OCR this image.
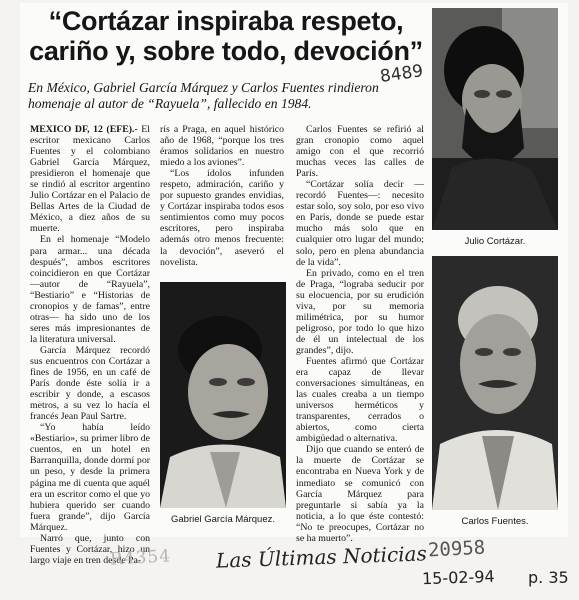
“Cortázar inspiraba respeto, cariño y, sobre todo, devoción”
En México, Gabriel García Márquez y Carlos Fuentes rindieron homenaje al autor de “Rayuela”, fallecido en 1984.
8489

MEXICO DF, 12 (EFE).- El escritor mexicano Carlos Fuentes y el colombiano Gabriel García Márquez, presidieron el homenaje que se rindió al escritor argentino Julio Cortázar en el Palacio de Bellas Artes de la Ciudad de México, a diez años de su muerte.

En el homenaje “Modelo para armar... una década después”, ambos escritores coincidieron en que Cortázar —autor de “Rayuela”, “Bestiario” e “Historias de cronopios y de famas”, entre otras— ha sido uno de los seres más impresionantes de la literatura universal.

García Márquez recordó sus encuentros con Cortázar a fines de 1956, en un café de París donde éste solía ir a escribir y donde, a escasos metros, a su vez lo hacía el francés Jean Paul Sartre.

“Yo había leído «Bestiario», su primer libro de cuentos, en un hotel en Barranquilla, donde dormí por un peso, y desde la primera página me di cuenta que aquél era un escritor como el que yo hubiera querido ser cuando fuera grande”, dijo García Márquez.

Narró que, junto con Fuentes y Cortázar, hizo un largo viaje en tren desde Pa-

rís a Praga, en aquel histórico año de 1968, “porque los tres éramos solidarios en nuestro miedo a los aviones”.

“Los ídolos infunden respeto, admiración, cariño y por supuesto grandes envidias, y Cortázar inspiraba todos esos sentimientos como muy pocos escritores, pero inspiraba además otro menos frecuente: la devoción”, aseveró el novelista.

Carlos Fuentes se refirió al gran cronopio como aquel amigo con el que recorrió muchas veces las calles de París.

“Cortázar solía decir —recordó Fuentes—: necesito estar solo, soy solo, por eso vivo en París, donde se puede estar mucho más solo que en cualquier otro lugar del mundo; solo, pero en plena abundancia de la vida”.

En privado, como en el tren de Praga, “lograba seducir por su elocuencia, por su erudición viva, por su memoria milimétrica, por su humor peligroso, por todo lo que hizo de él un intelectual de los grandes”, dijo.

Fuentes afirmó que Cortázar era capaz de llevar conversaciones simultáneas, en las cuales creaba a un tiempo universos herméticos y transparentes, cerrados o abiertos, como cierta ambigüedad o alternativa.

Dijo que cuando se enteró de la muerte de Cortázar se encontraba en Nueva York y de inmediato se comunicó con García Márquez para preguntarle si sabía ya la noticia, a lo que éste contestó: “No te preocupes, Cortázar no se ha muerto”.

Julio Cortázar.
Gabriel García Márquez.	Carlos Fuentes.
R4354 Las Últimas Noticias 20958
15-02-94 p. 35
